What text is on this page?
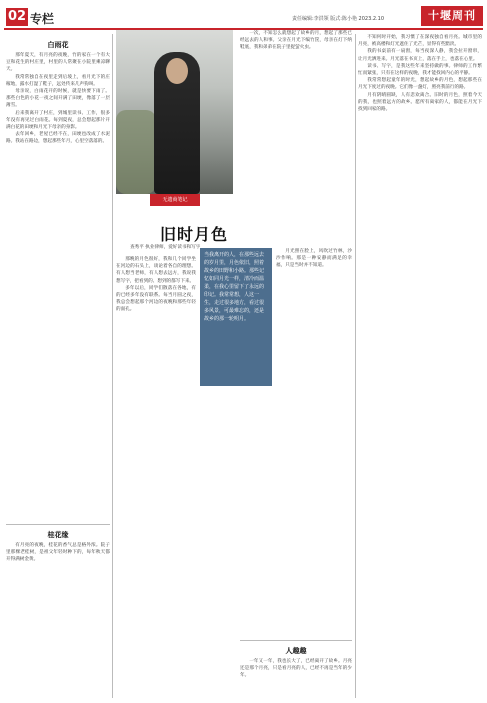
02 专栏	责任编辑:李洪领 版式:陈小艳 2023.2.10	十堰周刊
白雨花

那年夏天，有月亮的夜晚，竹的家在一个有大豆和花生的村庄里，村里的人常聚在小院里乘凉聊天。

我常常独自在夜里走到后坡上，看月光下的庄稼地，露水打湿了鞋子，远处传来几声狗叫。

母亲说，白雨花开的时候，就是快要下雨了。那些白色的小花一夜之间开满了田埂，像落了一层薄雪。

后来我离开了村庄，到城里读书、工作，很多年没有再见过白雨花。每到夏夜，总会想起那片开满白花的田埂和月光下母亲的身影。

去年回乡，老屋已经不在，田埂也改成了水泥路。我站在路边，想起那些年月，心里空落落的。

桂花缘

有月亮的夜晚，桂花的香气总是格外浓。院子里那棵老桂树，是祖父年轻时种下的，每年秋天都开得满树金黄。

无遗商笔记
旧时月色
查秀平 执业律师，爱好读书和写字

那晚的月色很好，我和几个同学坐在河边的石头上，谈论着各自的理想。有人想当老师，有人想去远方，我说我想写字，把看到的、想到的都写下来。

多年以后，同学们散落在各地，有的已经多年没有联系。每当月圆之夜，我总会想起那个河边的夜晚和那些年轻的面孔。

当我离开的人，在那些远去的岁月里，月色依旧，照着故乡的田野和小路。那些记忆如同月光一样，清冷而温柔，在我心里留下了永远的印记。我常常想，人这一生，走过很多地方，看过很多风景，可最难忘的，还是故乡的那一轮明月。

一次，不知怎么就想起了故乡的月，想起了那些已经远去的人和事。父亲在月光下编竹筐，母亲在灯下纳鞋底，我和弟弟在院子里捉萤火虫。

月光照在脸上，风吹过竹林，沙沙作响。那是一种安静而满足的幸福，只是当时并不知道。

人趣趣

一年又一年，我也长大了，已经离开了故乡。月亮还是那个月亮，只是看月亮的人，已经不再是当年的少年。

不知何时开始，我习惯了在深夜独自看月亮。城市里的月亮，被高楼和灯光遮住了光芒，显得有些黯淡。

我的书桌前有一扇窗，每当夜深人静，我会拉开窗帘，让月光洒进来。月光落在书页上，落在手上，也落在心里。

读书、写字，是我这些年来坚持做的事。律师的工作繁忙而紧张，只有在这样的夜晚，我才能找回内心的平静。

我常常想起童年的时光，想起故乡的月色，想起那些在月光下度过的夜晚。它们像一盏灯，照亮我前行的路。

月有阴晴圆缺，人有悲欢离合。旧时的月色，照着今天的我，也照着远方的故乡。愿所有离家的人，都能在月光下找到回家的路。
